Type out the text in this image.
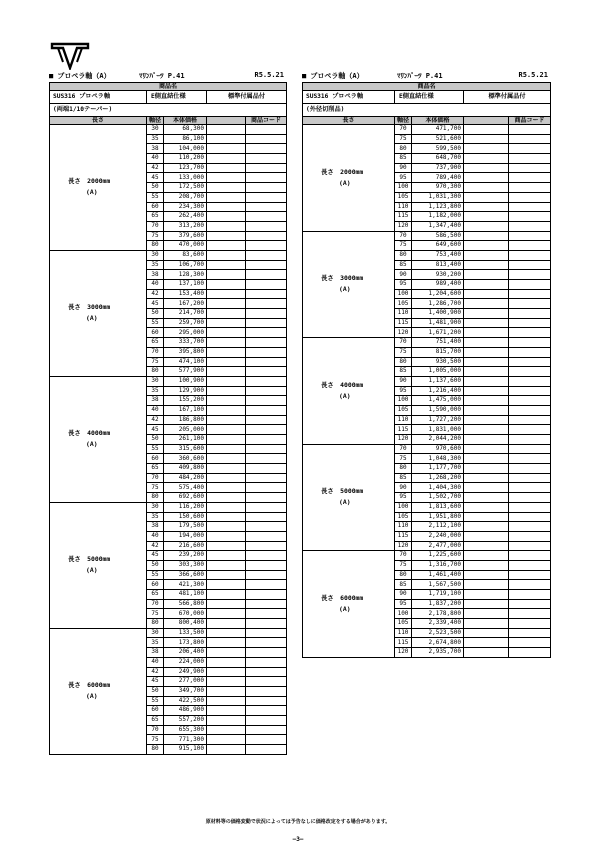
■ プロペラ軸（A）	ﾏﾘﾝﾊﾟｰﾂ P.41	R5.5.21
商品名				
SUS316 プロペラ軸	E側直結仕様		標準付属品付	
(両端1/10テーパー)				
長さ	軸径	本体価格		商品コード

長さ　2000mm
(A)	30	68,300		
	35	86,100		
	38	104,000		
	40	110,200		
	42	123,700		
	45	133,000		
	50	172,500		
	55	208,700		
	60	234,300		
	65	262,400		
	70	313,200		
	75	379,600		
	80	470,000		

長さ　3000mm
(A)	30	83,600		
	35	106,700		
	38	128,300		
	40	137,100		
	42	153,400		
	45	167,200		
	50	214,700		
	55	259,700		
	60	295,000		
	65	333,700		
	70	395,800		
	75	474,100		
	80	577,900		

長さ　4000mm
(A)	30	100,900		
	35	129,900		
	38	155,200		
	40	167,100		
	42	186,800		
	45	205,000		
	50	261,100		
	55	315,600		
	60	360,600		
	65	409,800		
	70	484,200		
	75	575,400		
	80	692,600		

長さ　5000mm
(A)	30	116,200		
	35	150,600		
	38	179,500		
	40	194,000		
	42	216,600		
	45	239,200		
	50	303,300		
	55	366,600		
	60	421,300		
	65	481,100		
	70	566,800		
	75	670,000		
	80	800,400		

長さ　6000mm
(A)	30	133,500		
	35	173,800		
	38	206,400		
	40	224,000		
	42	249,900		
	45	277,000		
	50	349,700		
	55	422,500		
	60	486,900		
	65	557,200		
	70	655,300		
	75	771,300		
	80	915,100		
■ プロペラ軸（A）	ﾏﾘﾝﾊﾟｰﾂ P.41	R5.5.21
商品名				
SUS316 プロペラ軸	E側直結仕様		標準付属品付	
(外径切削品)				
長さ	軸径	本体価格		商品コード

長さ　2000mm
(A)	70	471,700		
	75	521,600		
	80	599,500		
	85	648,700		
	90	737,900		
	95	789,400		
	100	970,300		
	105	1,031,300		
	110	1,123,800		
	115	1,182,000		
	120	1,347,400		

長さ　3000mm
(A)	70	586,500		
	75	649,600		
	80	753,400		
	85	813,400		
	90	930,200		
	95	989,400		
	100	1,204,600		
	105	1,286,700		
	110	1,400,900		
	115	1,481,900		
	120	1,671,200		

長さ　4000mm
(A)	70	751,400		
	75	815,700		
	80	930,500		
	85	1,005,000		
	90	1,137,600		
	95	1,216,400		
	100	1,475,000		
	105	1,590,000		
	110	1,727,200		
	115	1,831,000		
	120	2,044,200		

長さ　5000mm
(A)	70	970,600		
	75	1,048,300		
	80	1,177,700		
	85	1,268,200		
	90	1,404,300		
	95	1,502,700		
	100	1,813,600		
	105	1,951,800		
	110	2,112,100		
	115	2,240,000		
	120	2,477,000		

長さ　6000mm
(A)	70	1,225,600		
	75	1,316,700		
	80	1,461,400		
	85	1,567,500		
	90	1,719,100		
	95	1,837,200		
	100	2,178,800		
	105	2,339,400		
	110	2,523,500		
	115	2,674,800		
	120	2,935,700		
原材料等の価格変動で状況によっては予告なしに価格改定をする場合があります。
—3—
